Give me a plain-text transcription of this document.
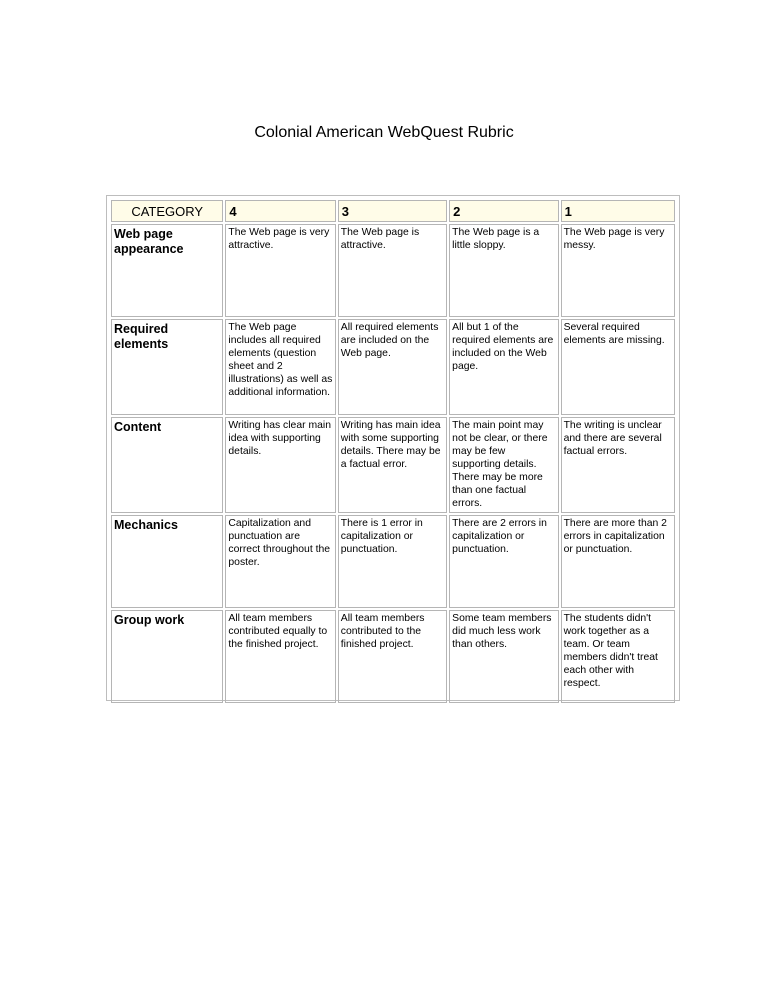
Colonial American WebQuest Rubric
CATEGORY	4	3	2	1
Web page appearance	The Web page is very attractive.	The Web page is attractive.	The Web page is a little sloppy.	The Web page is very messy.
Required elements	The Web page includes all required elements (question sheet and 2 illustrations) as well as additional information.	All required elements are included on the Web page.	All but 1 of the required elements are included on the Web page.	Several required elements are missing.
Content	Writing has clear main idea with supporting details.	Writing has main idea with some supporting details. There may be a factual error.	The main point may not be clear, or there may be few supporting details. There may be more than one factual errors.	The writing is unclear and there are several factual errors.
Mechanics	Capitalization and punctuation are correct throughout the poster.	There is 1 error in capitalization or punctuation.	There are 2 errors in capitalization or punctuation.	There are more than 2 errors in capitalization or punctuation.
Group work	All team members contributed equally to the finished project.	All team members contributed to the finished project.	Some team members did much less work than others.	The students didn't work together as a team. Or team members didn't treat each other with respect.
